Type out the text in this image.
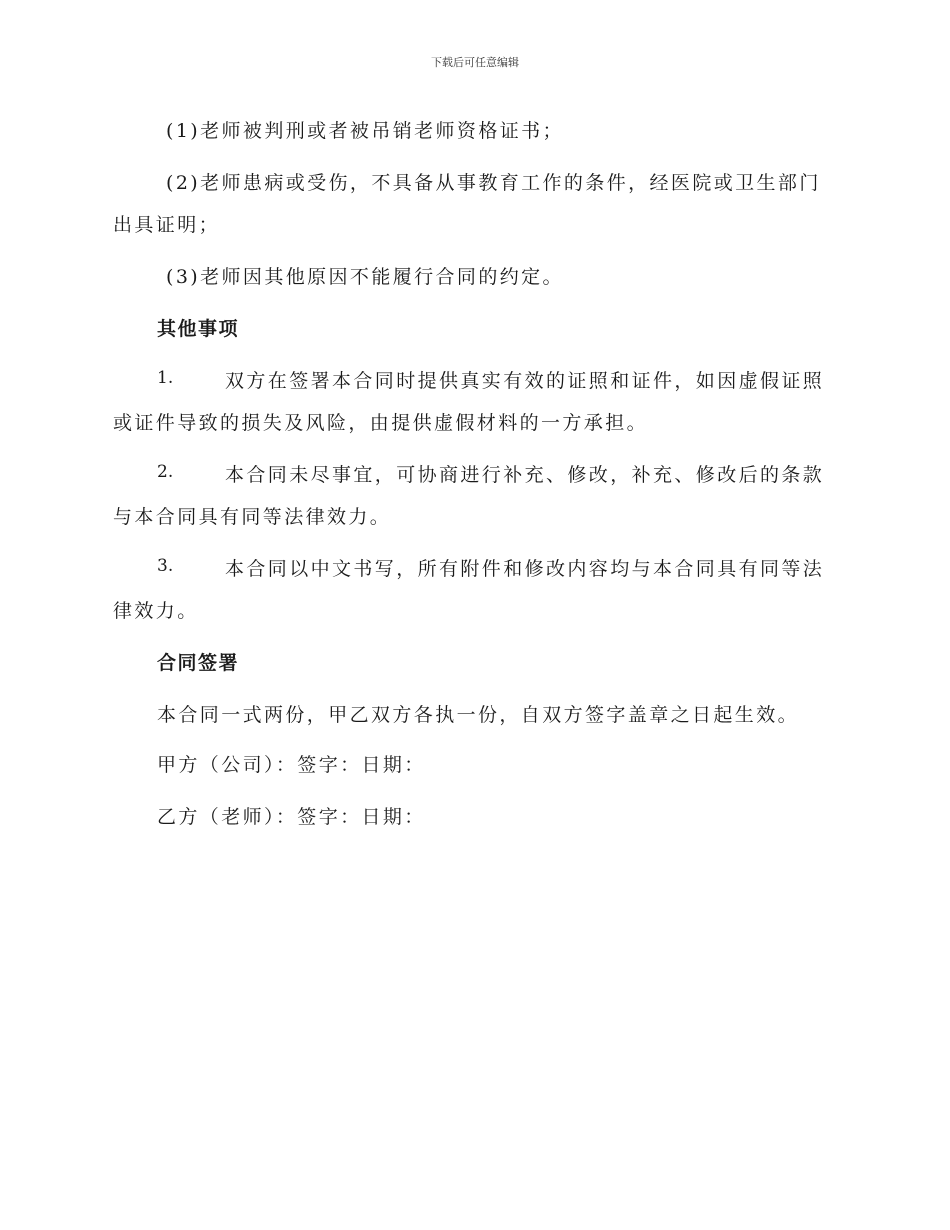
下载后可任意编辑
(1)老师被判刑或者被吊销老师资格证书；
(2)老师患病或受伤，不具备从事教育工作的条件，经医院或卫生部门
出具证明；
(3)老师因其他原因不能履行合同的约定。
其他事项
1.	双方在签署本合同时提供真实有效的证照和证件，如因虚假证照
或证件导致的损失及风险，由提供虚假材料的一方承担。
2.	本合同未尽事宜，可协商进行补充、修改，补充、修改后的条款
与本合同具有同等法律效力。
3.	本合同以中文书写，所有附件和修改内容均与本合同具有同等法
律效力。
合同签署
本合同一式两份，甲乙双方各执一份，自双方签字盖章之日起生效。
甲方（公司）：签字：日期：
乙方（老师）：签字：日期：
